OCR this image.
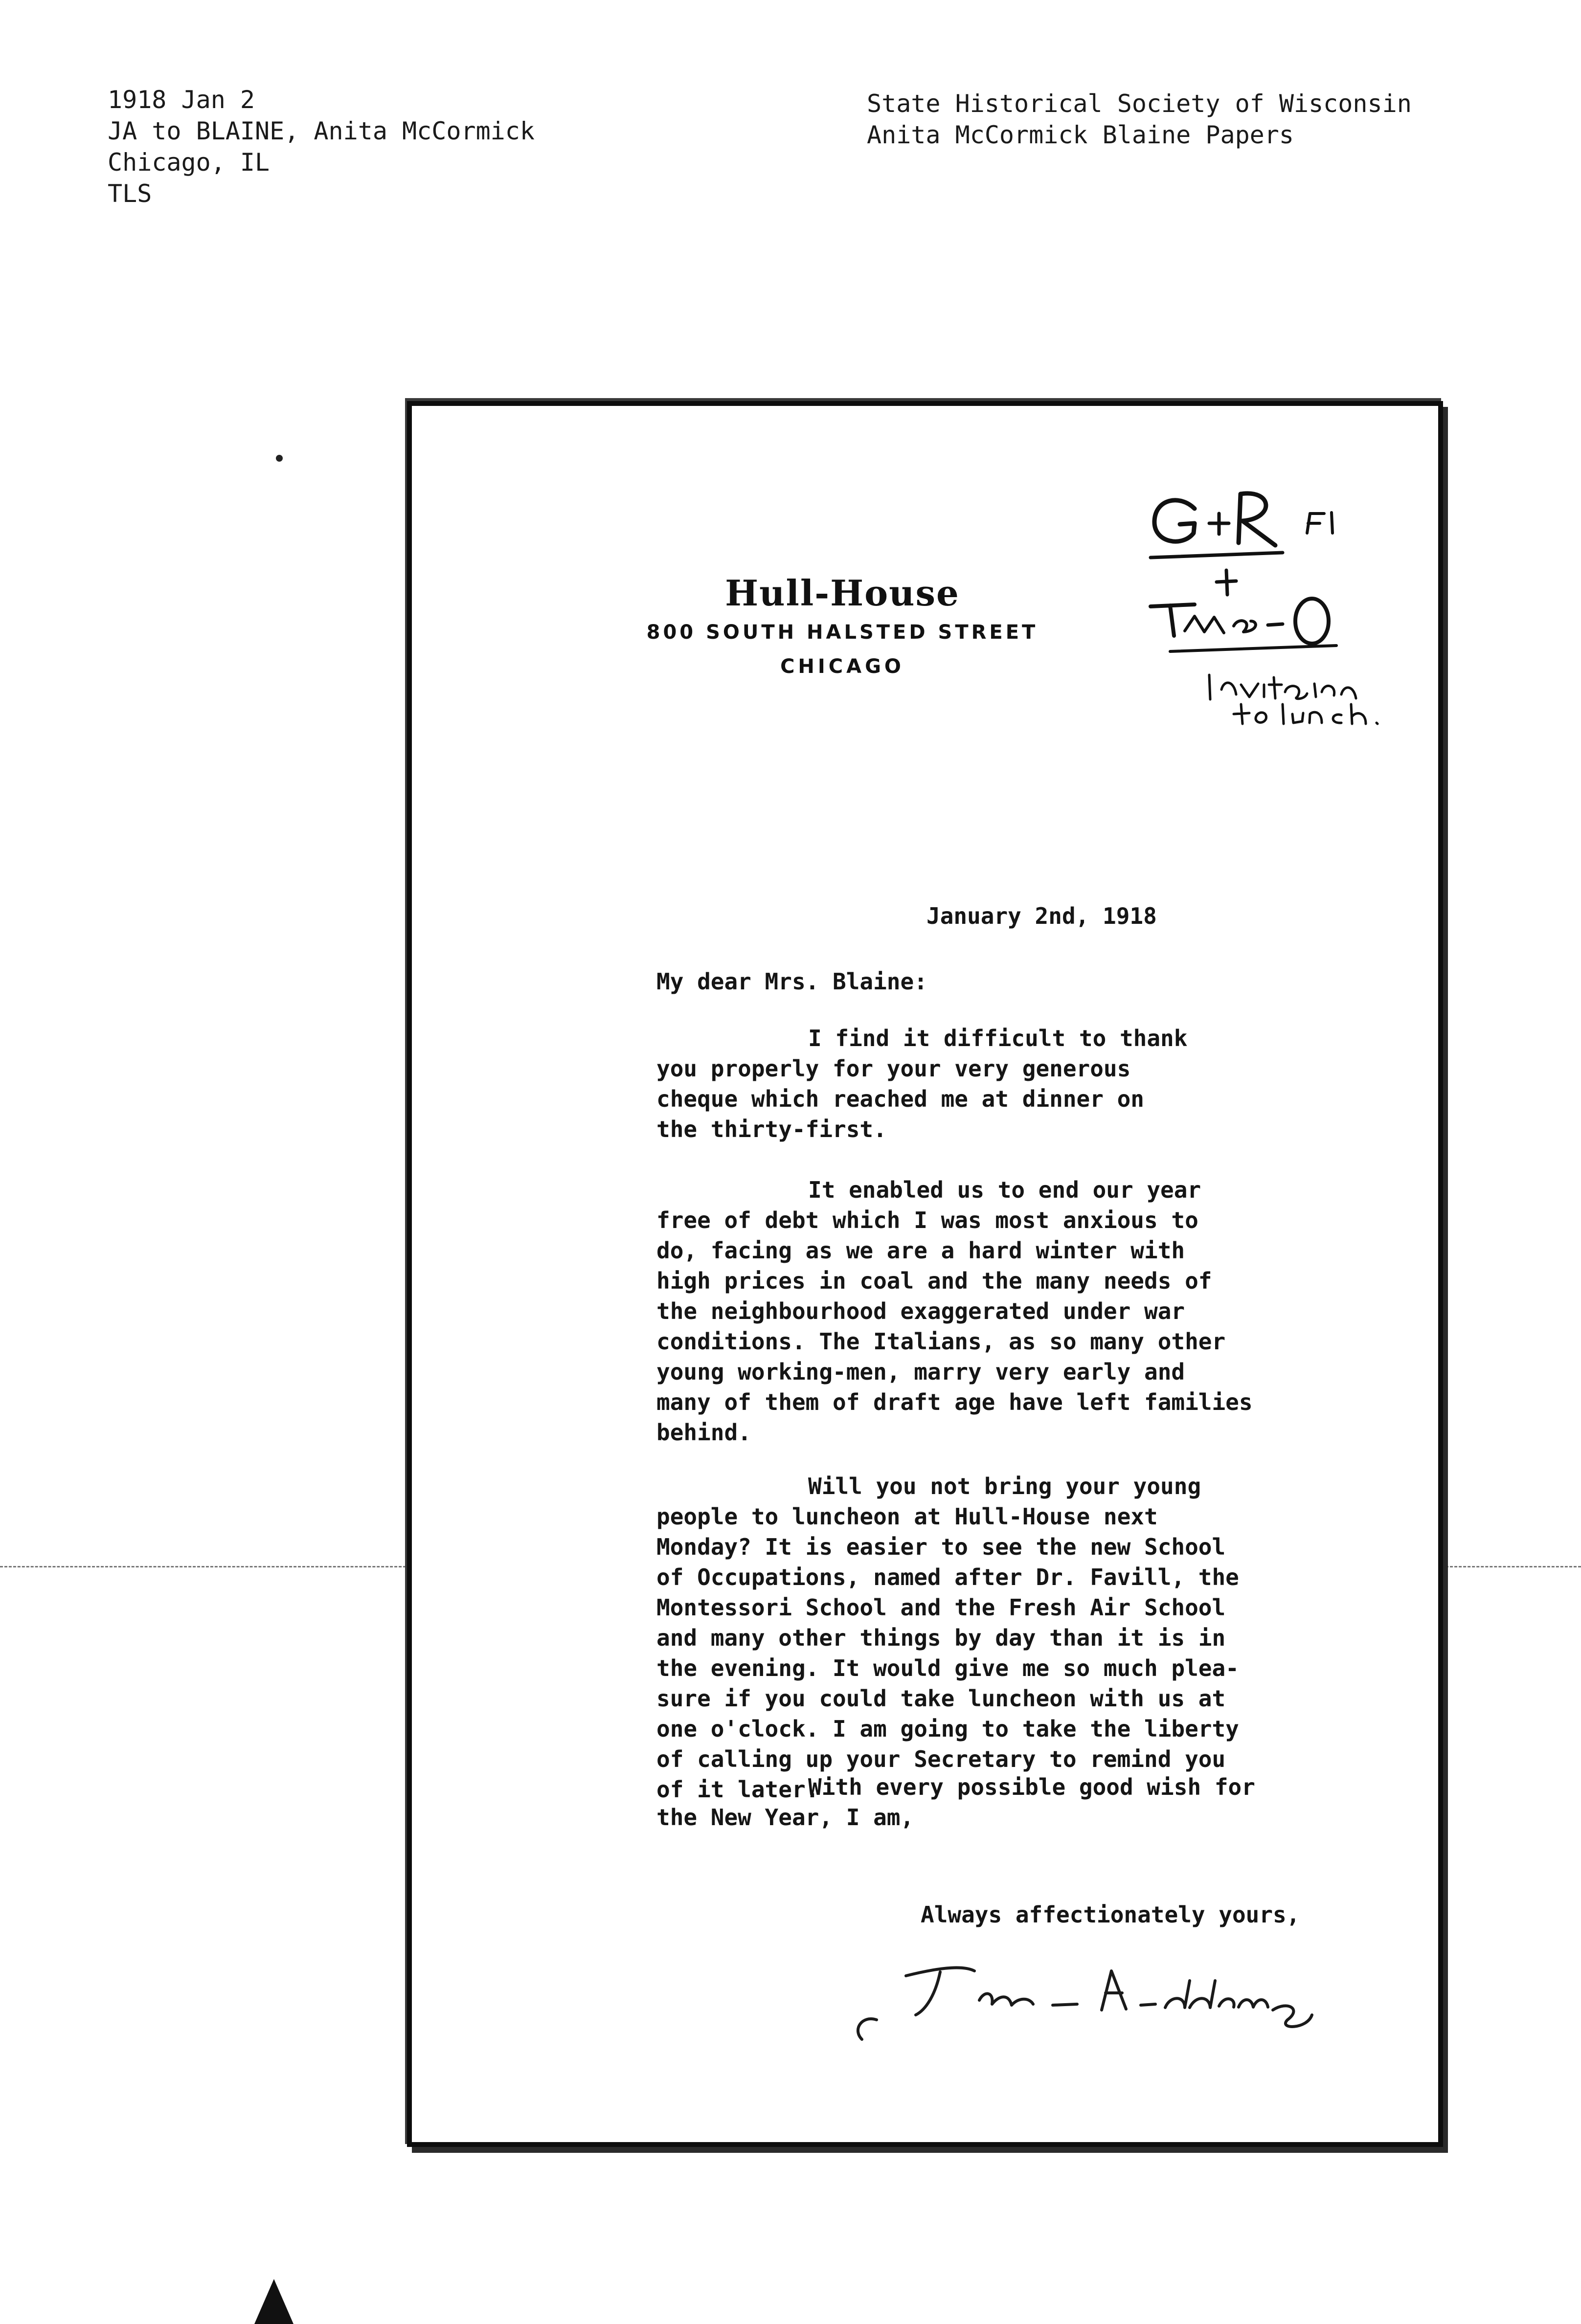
1918 Jan 2
JA to BLAINE, Anita McCormick
Chicago, IL
TLS
State Historical Society of Wisconsin
Anita McCormick Blaine Papers
Hull-House
800 SOUTH HALSTED STREET
CHICAGO
January 2nd, 1918
My dear Mrs. Blaine:
I find it difficult to thank
you properly for your very generous
cheque which reached me at dinner on
the thirty-first.
It enabled us to end our year
free of debt which I was most anxious to
do, facing as we are a hard winter with
high prices in coal and the many needs of
the neighbourhood exaggerated under war
conditions. The Italians, as so many other
young working-men, marry very early and
many of them of draft age have left families
behind.
Will you not bring your young
people to luncheon at Hull-House next
Monday? It is easier to see the new School
of Occupations, named after Dr. Favill, the
Montessori School and the Fresh Air School
and many other things by day than it is in
the evening. It would give me so much plea-
sure if you could take luncheon with us at
one o'clock. I am going to take the liberty
of calling up your Secretary to remind you
of it later.
With every possible good wish for
the New Year, I am,
Always affectionately yours,
